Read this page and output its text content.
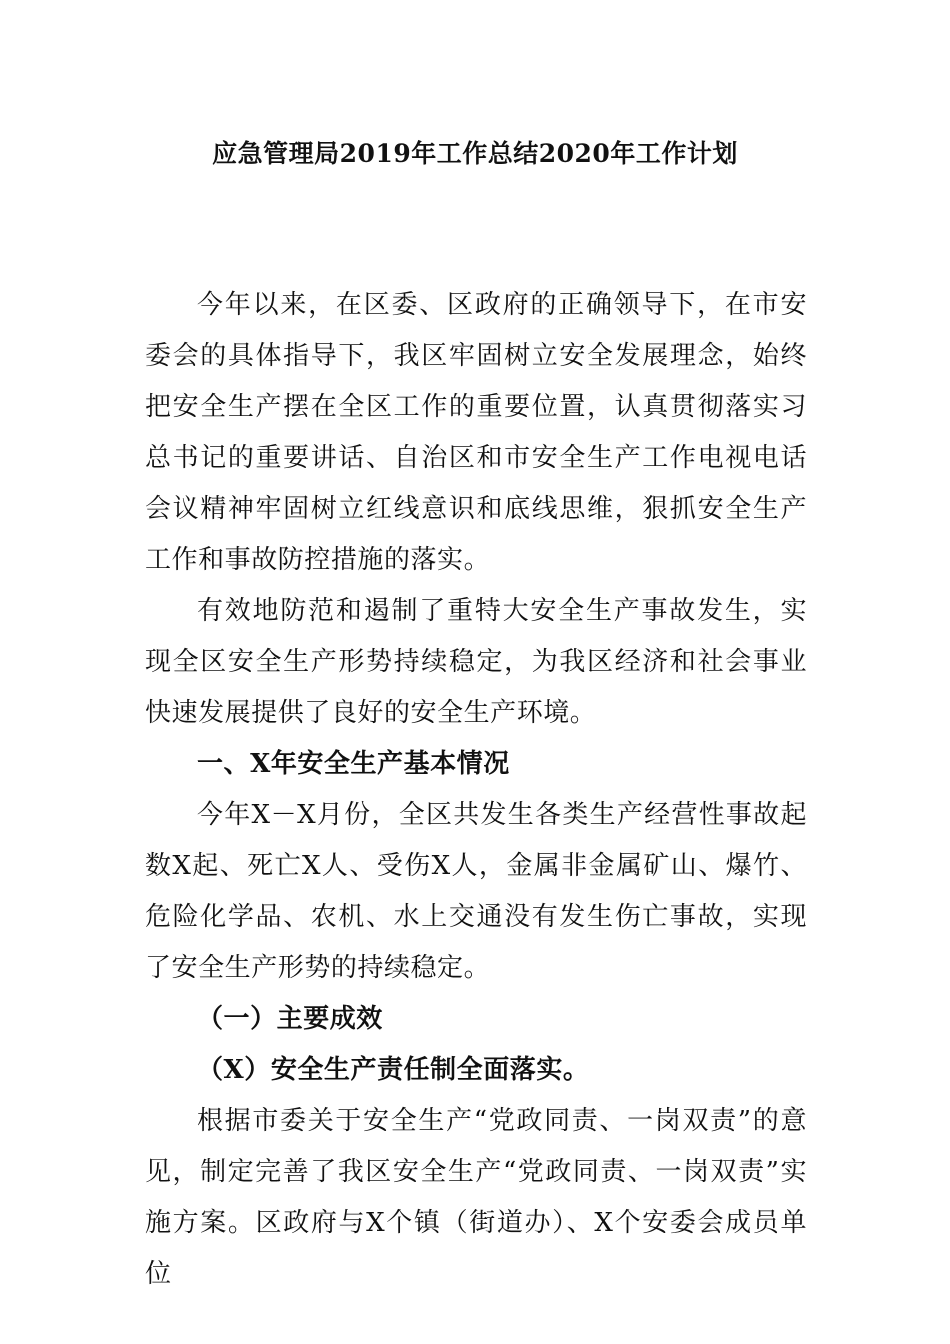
应急管理局2019年工作总结2020年工作计划

今年以来，在区委、区政府的正确领导下，在市安委会的具体指导下，我区牢固树立安全发展理念，始终把安全生产摆在全区工作的重要位置，认真贯彻落实习总书记的重要讲话、自治区和市安全生产工作电视电话会议精神牢固树立红线意识和底线思维，狠抓安全生产工作和事故防控措施的落实。

有效地防范和遏制了重特大安全生产事故发生，实现全区安全生产形势持续稳定，为我区经济和社会事业快速发展提供了良好的安全生产环境。

一、X年安全生产基本情况

今年X－X月份，全区共发生各类生产经营性事故起数X起、死亡X人、受伤X人，金属非金属矿山、爆竹、危险化学品、农机、水上交通没有发生伤亡事故，实现了安全生产形势的持续稳定。

（一）主要成效

（X）安全生产责任制全面落实。

根据市委关于安全生产“党政同责、一岗双责”的意见，制定完善了我区安全生产“党政同责、一岗双责”实施方案。区政府与X个镇（街道办）、X个安委会成员单位
